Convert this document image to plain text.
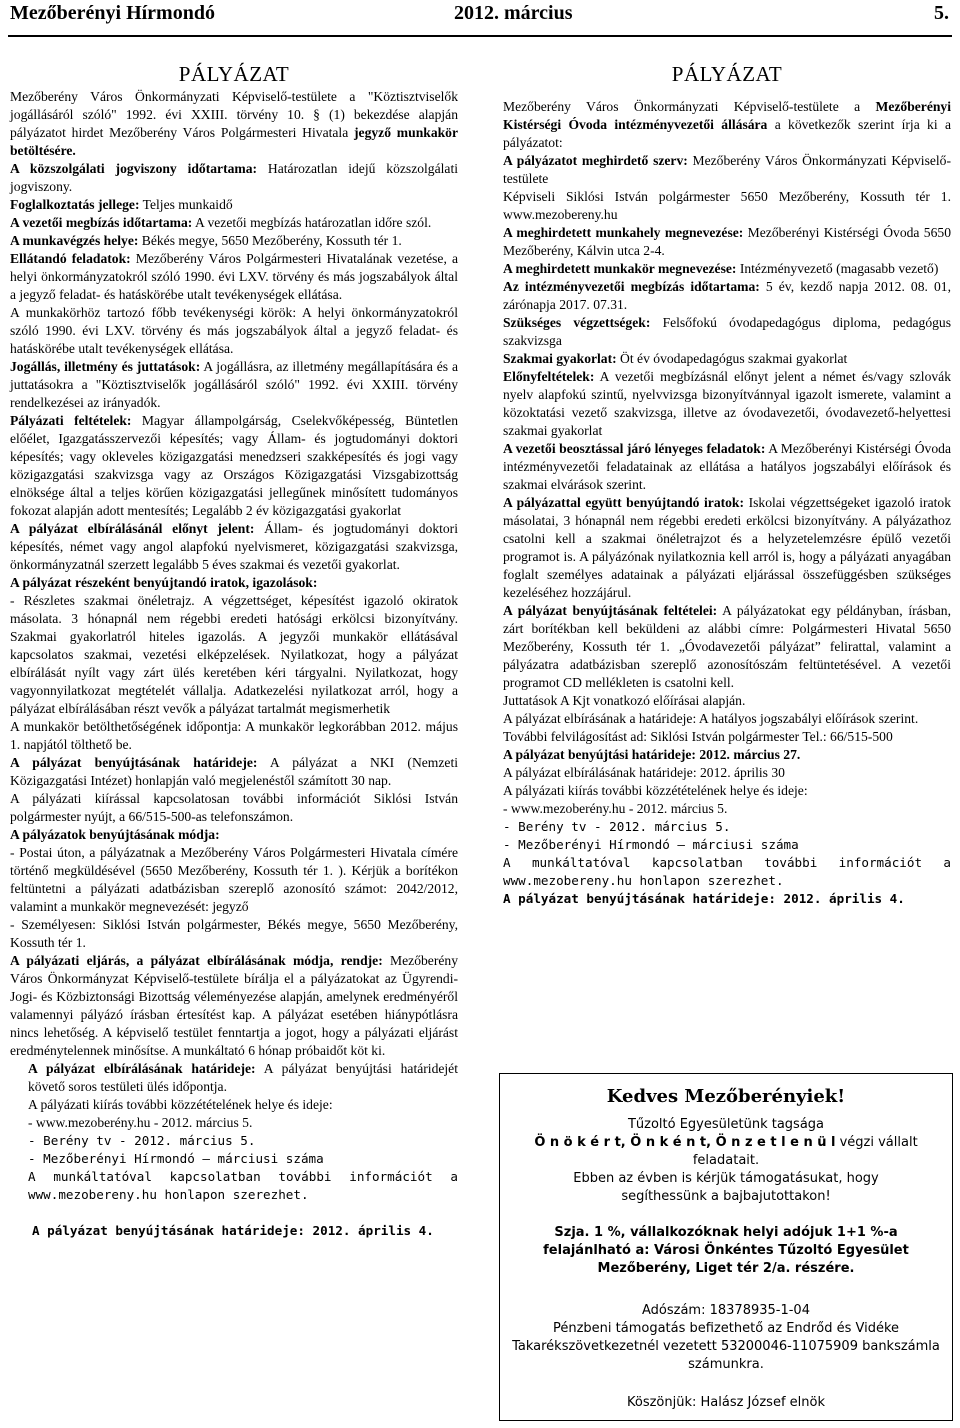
Mezőberényi Hírmondó	2012. március	5.
PÁLYÁZAT

Mezőberény Város Önkormányzati Képviselő-testülete a "Köztisztviselők jogállásáról szóló" 1992. évi XXIII. törvény 10. § (1) bekezdése alapján pályázatot hirdet Mezőberény Város Polgármesteri Hivatala jegyző munkakör betöltésére.

A közszolgálati jogviszony időtartama: Határozatlan idejű közszolgálati jogviszony.

Foglalkoztatás jellege: Teljes munkaidő

A vezetői megbízás időtartama: A vezetői megbízás határozatlan időre szól.

A munkavégzés helye: Békés megye, 5650 Mezőberény, Kossuth tér 1.

Ellátandó feladatok: Mezőberény Város Polgármesteri Hivatalának vezetése, a helyi önkormányzatokról szóló 1990. évi LXV. törvény és más jogszabályok által a jegyző feladat- és hatáskörébe utalt tevékenységek ellátása.

A munkakörhöz tartozó főbb tevékenységi körök: A helyi önkormányzatokról szóló 1990. évi LXV. törvény és más jogszabályok által a jegyző feladat- és hatáskörébe utalt tevékenységek ellátása.

Jogállás, illetmény és juttatások: A jogállásra, az illetmény megállapítására és a juttatásokra a "Köztisztviselők jogállásáról szóló" 1992. évi XXIII. törvény rendelkezései az irányadók.

Pályázati feltételek: Magyar állampolgárság, Cselekvőképesség, Büntetlen előélet, Igazgatásszervezői képesítés; vagy Állam- és jogtudományi doktori képesítés; vagy okleveles közigazgatási menedzseri szakképesítés és jogi vagy közigazgatási szakvizsga vagy az Országos Közigazgatási Vizsgabizottság elnöksége által a teljes körűen közigazgatási jellegűnek minősített tudományos fokozat alapján adott mentesítés; Legalább 2 év közigazgatási gyakorlat

A pályázat elbírálásánál előnyt jelent: Állam- és jogtudományi doktori képesítés, német vagy angol alapfokú nyelvismeret, közigazgatási szakvizsga, önkormányzatnál szerzett legalább 5 éves szakmai és vezetői gyakorlat.

A pályázat részeként benyújtandó iratok, igazolások:

- Részletes szakmai önéletrajz. A végzettséget, képesítést igazoló okiratok másolata. 3 hónapnál nem régebbi eredeti hatósági erkölcsi bizonyítvány. Szakmai gyakorlatról hiteles igazolás. A jegyzői munkakör ellátásával kapcsolatos szakmai, vezetési elképzelések. Nyilatkozat, hogy a pályázat elbírálását nyílt vagy zárt ülés keretében kéri tárgyalni. Nyilatkozat, hogy vagyonnyilatkozat megtételét vállalja. Adatkezelési nyilatkozat arról, hogy a pályázat elbírálásában részt vevők a pályázat tartalmát megismerhetik

A munkakör betölthetőségének időpontja: A munkakör legkorábban 2012. május 1. napjától tölthető be.

A pályázat benyújtásának határideje: A pályázat a NKI (Nemzeti Közigazgatási Intézet) honlapján való megjelenéstől számított 30 nap.

A pályázati kiírással kapcsolatosan további információt Siklósi István polgármester nyújt, a 66/515-500-as telefonszámon.

A pályázatok benyújtásának módja:

- Postai úton, a pályázatnak a Mezőberény Város Polgármesteri Hivatala címére történő megküldésével (5650 Mezőberény, Kossuth tér 1. ). Kérjük a borítékon feltüntetni a pályázati adatbázisban szereplő azonosító számot: 2042/2012, valamint a munkakör megnevezését: jegyző

- Személyesen: Siklósi István polgármester, Békés megye, 5650 Mezőberény, Kossuth tér 1.

A pályázati eljárás, a pályázat elbírálásának módja, rendje: Mezőberény Város Önkormányzat Képviselő-testülete bírálja el a pályázatokat az Ügyrendi- Jogi- és Közbiztonsági Bizottság véleményezése alapján, amelynek eredményéről valamennyi pályázó írásban értesítést kap. A pályázat esetében hiánypótlásra nincs lehetőség. A képviselő testület fenntartja a jogot, hogy a pályázati eljárást eredménytelennek minősítse. A munkáltató 6 hónap próbaidőt köt ki.

A pályázat elbírálásának határideje: A pályázat benyújtási határidejét követő soros testületi ülés időpontja.

A pályázati kiírás további közzétételének helye és ideje:

- www.mezoberény.hu - 2012. március 5.

- Berény tv - 2012. március 5.

- Mezőberényi Hírmondó – márciusi száma

A munkáltatóval kapcsolatban további információt a www.mezobereny.hu honlapon szerezhet.

A pályázat benyújtásának határideje: 2012. április 4.

PÁLYÁZAT

Mezőberény Város Önkormányzati Képviselő-testülete a Mezőberényi Kistérségi Óvoda intézményvezetői állására a következők szerint írja ki a pályázatot:

A pályázatot meghirdető szerv: Mezőberény Város Önkormányzati Képviselő-testülete

Képviseli Siklósi István polgármester 5650 Mezőberény, Kossuth tér 1. www.mezobereny.hu

A meghirdetett munkahely megnevezése: Mezőberényi Kistérségi Óvoda 5650 Mezőberény, Kálvin utca 2-4.

A meghirdetett munkakör megnevezése: Intézményvezető (magasabb vezető)

Az intézményvezetői megbízás időtartama: 5 év, kezdő napja 2012. 08. 01, zárónapja 2017. 07.31.

Szükséges végzettségek: Felsőfokú óvodapedagógus diploma, pedagógus szakvizsga

Szakmai gyakorlat: Öt év óvodapedagógus szakmai gyakorlat

Előnyfeltételek: A vezetői megbízásnál előnyt jelent a német és/vagy szlovák nyelv alapfokú szintű, nyelvvizsga bizonyítvánnyal igazolt ismerete, valamint a közoktatási vezető szakvizsga, illetve az óvodavezetői, óvodavezető-helyettesi szakmai gyakorlat

A vezetői beosztással járó lényeges feladatok: A Mezőberényi Kistérségi Óvoda intézményvezetői feladatainak az ellátása a hatályos jogszabályi előírások és szakmai elvárások szerint.

A pályázattal együtt benyújtandó iratok: Iskolai végzettségeket igazoló iratok másolatai, 3 hónapnál nem régebbi eredeti erkölcsi bizonyítvány. A pályázathoz csatolni kell a szakmai önéletrajzot és a helyzetelemzésre épülő vezetői programot is. A pályázónak nyilatkoznia kell arról is, hogy a pályázati anyagában foglalt személyes adatainak a pályázati eljárással összefüggésben szükséges kezeléséhez hozzájárul.

A pályázat benyújtásának feltételei: A pályázatokat egy példányban, írásban, zárt borítékban kell beküldeni az alábbi címre: Polgármesteri Hivatal 5650 Mezőberény, Kossuth tér 1. „Óvodavezetői pályázat” felirattal, valamint a pályázatra adatbázisban szereplő azonosítószám feltüntetésével. A vezetői programot CD mellékleten is csatolni kell.

Juttatások A Kjt vonatkozó előírásai alapján.

A pályázat elbírásának a határideje: A hatályos jogszabályi előírások szerint.

További felvilágosítást ad: Siklósi István polgármester Tel.: 66/515-500

A pályázat benyújtási határideje: 2012. március 27.

A pályázat elbírálásának határideje: 2012. április 30

A pályázati kiírás további közzétételének helye és ideje:

- www.mezoberény.hu - 2012. március 5.

- Berény tv - 2012. március 5.

- Mezőberényi Hírmondó – márciusi száma

A munkáltatóval kapcsolatban további információt a www.mezobereny.hu honlapon szerezhet.

A pályázat benyújtásának határideje: 2012. április 4.

Kedves Mezőberényiek!

Tűzoltó Egyesületünk tagsága

Ö n ö k é r t, Ö n k é n t, Ö n z e t l e n ü l végzi vállalt feladatait.

Ebben az évben is kérjük támogatásukat, hogy segíthessünk a bajbajutottakon!

Szja. 1 %, vállalkozóknak helyi adójuk 1+1 %-a felajánlható a: Városi Önkéntes Tűzoltó Egyesület Mezőberény, Liget tér 2/a. részére.

Adószám: 18378935-1-04

Pénzbeni támogatás befizethető az Endrőd és Vidéke Takarékszövetkezetnél vezetett 53200046-11075909 bankszámla számunkra.

Köszönjük: Halász József elnök
